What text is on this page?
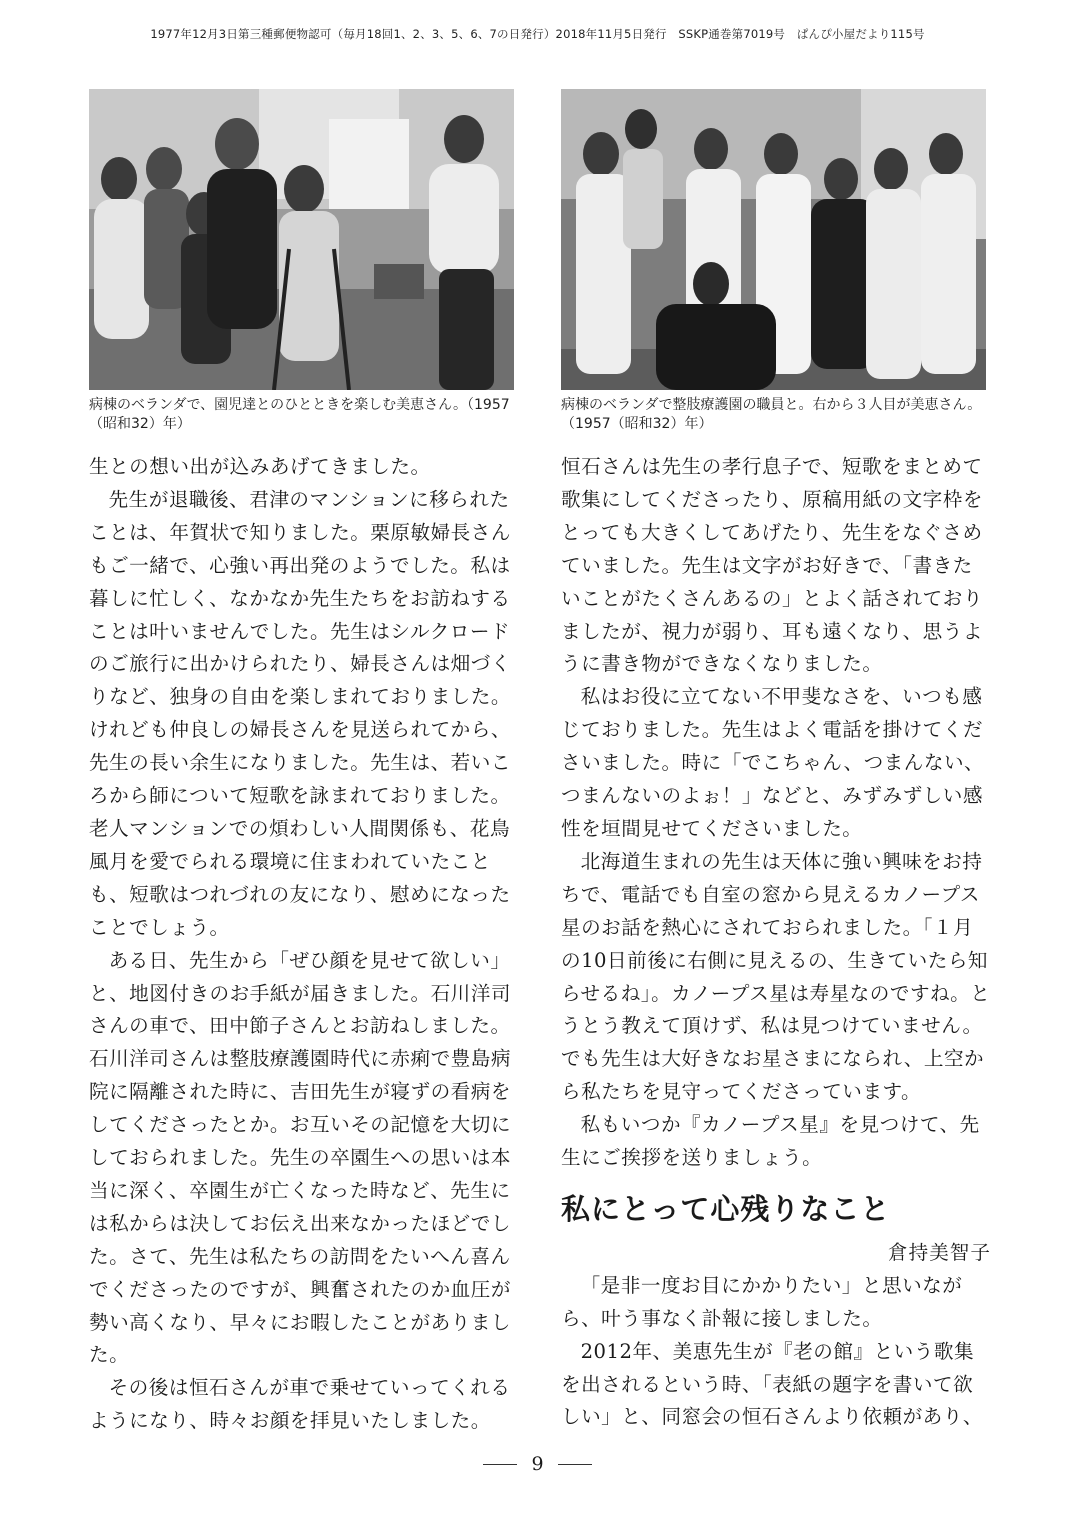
1977年12月3日第三種郵便物認可（毎月18回1、2、3、5、6、7の日発行）2018年11月5日発行　SSKP通巻第7019号　ぱんぴ小屋だより115号
病棟のベランダで、園児達とのひとときを楽しむ美恵さん。（1957（昭和32）年）
病棟のベランダで整肢療護園の職員と。右から３人目が美恵さん。（1957（昭和32）年）

生との想い出が込みあげてきました。

先生が退職後、君津のマンションに移られたことは、年賀状で知りました。栗原敏婦長さんもご一緒で、心強い再出発のようでした。私は暮しに忙しく、なかなか先生たちをお訪ねすることは叶いませんでした。先生はシルクロードのご旅行に出かけられたり、婦長さんは畑づくりなど、独身の自由を楽しまれておりました。けれども仲良しの婦長さんを見送られてから、先生の長い余生になりました。先生は、若いころから師について短歌を詠まれておりました。老人マンションでの煩わしい人間関係も、花鳥風月を愛でられる環境に住まわれていたことも、短歌はつれづれの友になり、慰めになったことでしょう。

ある日、先生から「ぜひ顔を見せて欲しい」と、地図付きのお手紙が届きました。石川洋司さんの車で、田中節子さんとお訪ねしました。石川洋司さんは整肢療護園時代に赤痢で豊島病院に隔離された時に、吉田先生が寝ずの看病をしてくださったとか。お互いその記憶を大切にしておられました。先生の卒園生への思いは本当に深く、卒園生が亡くなった時など、先生には私からは決してお伝え出来なかったほどでした。さて、先生は私たちの訪問をたいへん喜んでくださったのですが、興奮されたのか血圧が勢い高くなり、早々にお暇したことがありました。

その後は恒石さんが車で乗せていってくれるようになり、時々お顔を拝見いたしました。

恒石さんは先生の孝行息子で、短歌をまとめて歌集にしてくださったり、原稿用紙の文字枠をとっても大きくしてあげたり、先生をなぐさめていました。先生は文字がお好きで、「書きたいことがたくさんあるの」とよく話されておりましたが、視力が弱り、耳も遠くなり、思うように書き物ができなくなりました。

私はお役に立てない不甲斐なさを、いつも感じておりました。先生はよく電話を掛けてくださいました。時に「でこちゃん、つまんない、つまんないのよぉ！」などと、みずみずしい感性を垣間見せてくださいました。

北海道生まれの先生は天体に強い興味をお持ちで、電話でも自室の窓から見えるカノープス星のお話を熱心にされておられました。「１月の10日前後に右側に見えるの、生きていたら知らせるね」。カノープス星は寿星なのですね。とうとう教えて頂けず、私は見つけていません。でも先生は大好きなお星さまになられ、上空から私たちを見守ってくださっています。

私もいつか『カノープス星』を見つけて、先生にご挨拶を送りましょう。

私にとって心残りなこと

倉持美智子

「是非一度お目にかかりたい」と思いながら、叶う事なく訃報に接しました。

2012年、美恵先生が『老の館』という歌集を出されるという時、「表紙の題字を書いて欲しい」と、同窓会の恒石さんより依頼があり、

9
